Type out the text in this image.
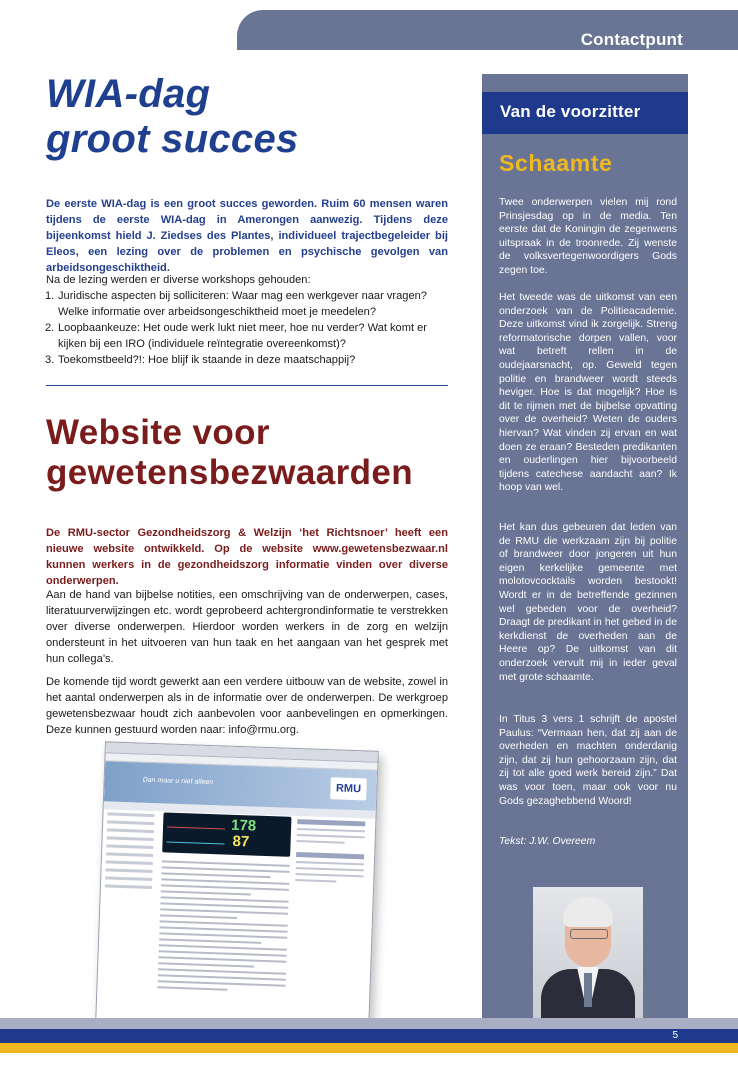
Contactpunt
WIA-dag
groot succes
De eerste WIA-dag is een groot succes geworden. Ruim 60 mensen waren tijdens de eerste WIA-dag in Amerongen aanwezig. Tijdens deze bijeenkomst hield J. Ziedses des Plantes, individueel trajectbegeleider bij Eleos, een lezing over de problemen en psychische gevolgen van arbeidsongeschiktheid.
Na de lezing werden er diverse workshops gehouden:
1. Juridische aspecten bij solliciteren: Waar mag een werkgever naar vragen? Welke informatie over arbeidsongeschiktheid moet je meedelen?
2. Loopbaankeuze: Het oude werk lukt niet meer, hoe nu verder? Wat komt er kijken bij een IRO (individuele reïntegratie overeenkomst)?
3. Toekomstbeeld?!: Hoe blijf ik staande in deze maatschappij?
Website voor
gewetensbezwaarden
De RMU-sector Gezondheidszorg & Welzijn ‘het Richtsnoer’ heeft een nieuwe website ontwikkeld. Op de website www.gewetensbezwaar.nl kunnen werkers in de gezondheidszorg informatie vinden over diverse onderwerpen.
Aan de hand van bijbelse notities, een omschrijving van de onderwerpen, cases, literatuurverwijzingen etc. wordt geprobeerd achtergrondinformatie te verstrekken over diverse onderwerpen. Hierdoor worden werkers in de zorg en welzijn ondersteunt in het uitvoeren van hun taak en het aangaan van het gesprek met hun collega’s.
De komende tijd wordt gewerkt aan een verdere uitbouw van de website, zowel in het aantal onderwerpen als in de informatie over de onderwerpen. De werkgroep gewetensbezwaar houdt zich aanbevolen voor aanbevelingen en opmerkingen. Deze kunnen gestuurd worden naar: info@rmu.org.
Dan maar u niet alleen
RMU
178
87
Van de voorzitter
Schaamte
Twee onderwerpen vielen mij rond Prinsjesdag op in de media. Ten eerste dat de Koningin de zegenwens uitspraak in de troonrede. Zij wenste de volksvertegenwoordigers Gods zegen toe.
Het tweede was de uitkomst van een onderzoek van de Politieacademie. Deze uitkomst vind ik zorgelijk. Streng reformatorische dorpen vallen, voor wat betreft rellen in de oudejaarsnacht, op. Geweld tegen politie en brandweer wordt steeds heviger. Hoe is dat mogelijk? Hoe is dit te rijmen met de bijbelse opvatting over de overheid? Weten de ouders hiervan? Wat vinden zij ervan en wat doen ze eraan? Besteden predikanten en ouderlingen hier bijvoorbeeld tijdens catechese aandacht aan? Ik hoop van wel.
Het kan dus gebeuren dat leden van de RMU die werkzaam zijn bij politie of brandweer door jongeren uit hun eigen kerkelijke gemeente met molotovcocktails worden bestookt! Wordt er in de betreffende gezinnen wel gebeden voor de overheid? Draagt de predikant in het gebed in de kerkdienst de overheden aan de Heere op? De uitkomst van dit onderzoek vervult mij in ieder geval met grote schaamte.
In Titus 3 vers 1 schrijft de apostel Paulus: “Vermaan hen, dat zij aan de overheden en machten onderdanig zijn, dat zij hun gehoorzaam zijn, dat zij tot alle goed werk bereid zijn.” Dat was voor toen, maar ook voor nu Gods gezaghebbend Woord!
Tekst: J.W. Overeem
5
